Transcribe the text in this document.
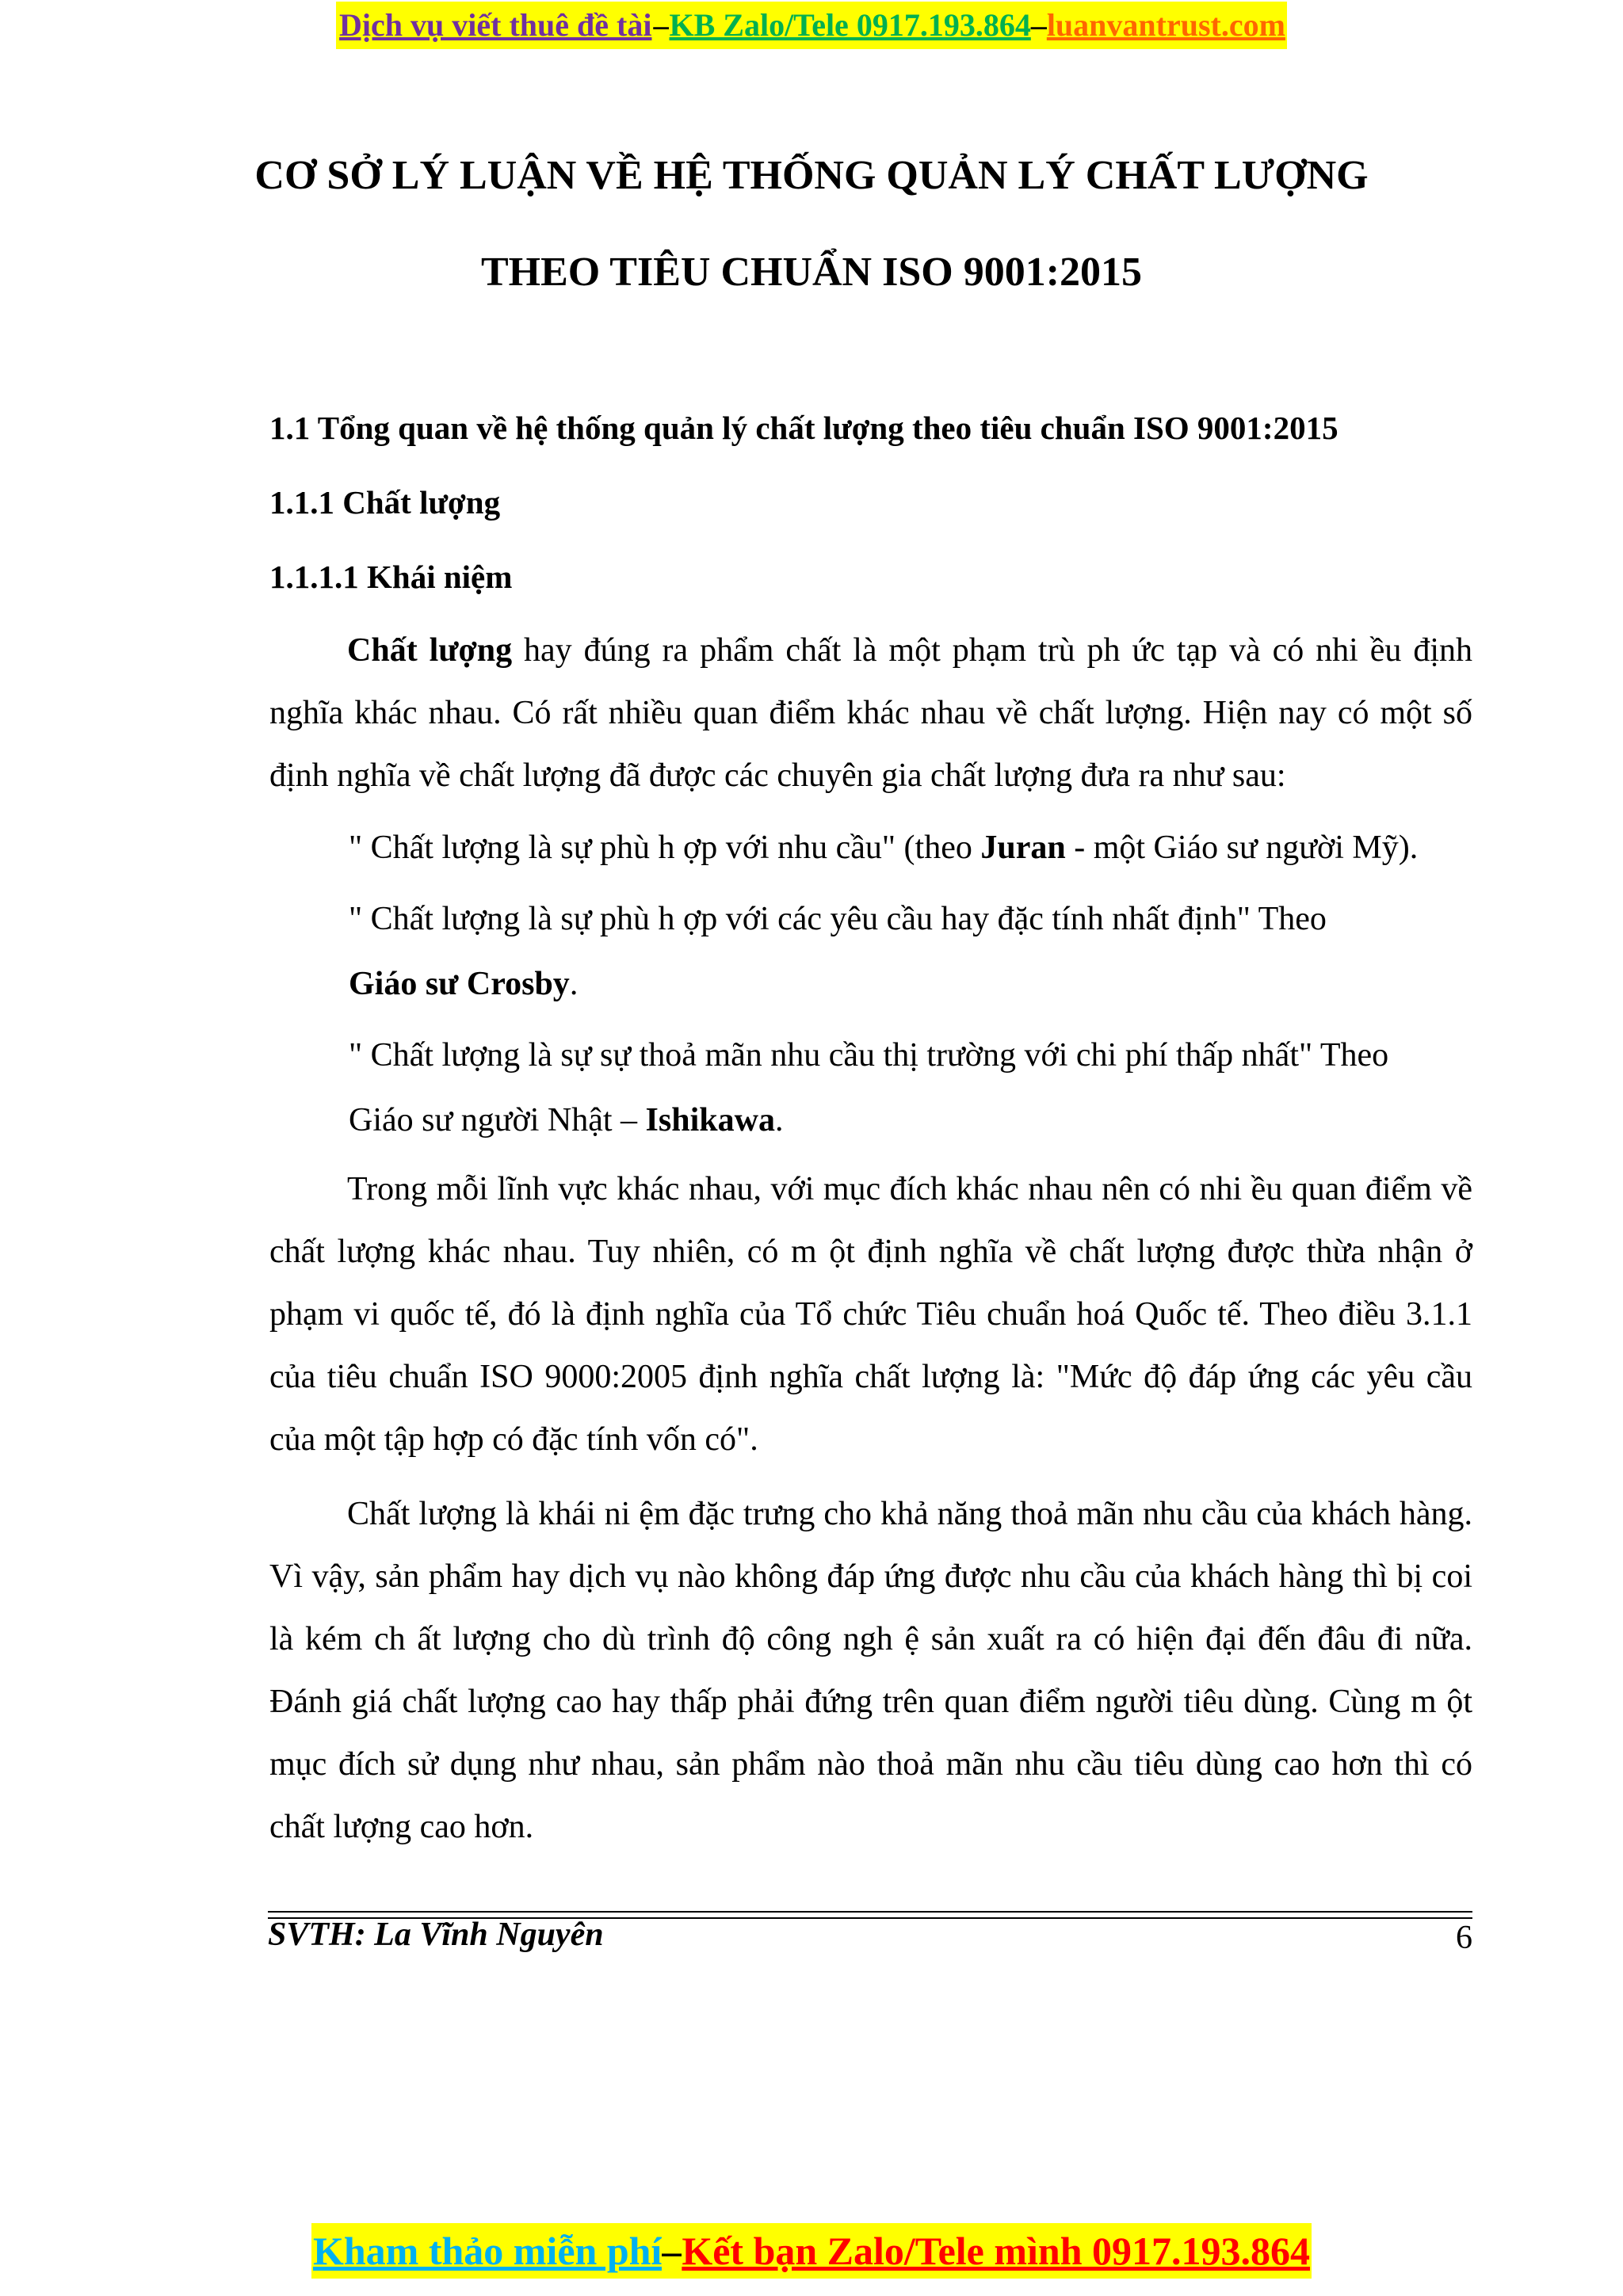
Dịch vụ viết thuê đề tài–KB Zalo/Tele 0917.193.864–luanvantrust.com
CƠ SỞ LÝ LUẬN VỀ HỆ THỐNG QUẢN LÝ CHẤT LƯỢNG
THEO TIÊU CHUẨN ISO 9001:2015
1.1 Tổng quan về hệ thống quản lý chất lượng theo tiêu chuẩn ISO 9001:2015
1.1.1 Chất lượng
1.1.1.1 Khái niệm
Chất lượng hay đúng ra phẩm chất là một phạm trù ph ức tạp và có nhi ều định nghĩa khác nhau. Có rất nhiều quan điểm khác nhau về chất lượng. Hiện nay có một số định nghĩa về chất lượng đã được các chuyên gia chất lượng đưa ra như sau:
" Chất lượng là sự phù h ợp với nhu cầu" (theo Juran - một Giáo sư người Mỹ).
" Chất lượng là sự phù h ợp với các yêu cầu hay đặc tính nhất định" Theo
Giáo sư Crosby.
" Chất lượng là sự sự thoả mãn nhu cầu thị trường với chi phí thấp nhất" Theo
Giáo sư người Nhật – Ishikawa.
Trong mỗi lĩnh vực khác nhau, với mục đích khác nhau nên có nhi ều quan điểm về chất lượng khác nhau. Tuy nhiên, có m ột định nghĩa về chất lượng được thừa nhận ở phạm vi quốc tế, đó là định nghĩa của Tổ chức Tiêu chuẩn hoá Quốc tế. Theo điều 3.1.1 của tiêu chuẩn ISO 9000:2005 định nghĩa chất lượng là: "Mức độ đáp ứng các yêu cầu của một tập hợp có đặc tính vốn có".
Chất lượng là khái ni ệm đặc trưng cho khả năng thoả mãn nhu cầu của khách hàng. Vì vậy, sản phẩm hay dịch vụ nào không đáp ứng được nhu cầu của khách hàng thì bị coi là kém ch ất lượng cho dù trình độ công ngh ệ sản xuất ra có hiện đại đến đâu đi nữa. Đánh giá chất lượng cao hay thấp phải đứng trên quan điểm người tiêu dùng. Cùng m ột mục đích sử dụng như nhau, sản phẩm nào thoả mãn nhu cầu tiêu dùng cao hơn thì có chất lượng cao hơn.
SVTH: La Vĩnh Nguyên	6
Kham thảo miễn phí–Kết bạn Zalo/Tele mình 0917.193.864
